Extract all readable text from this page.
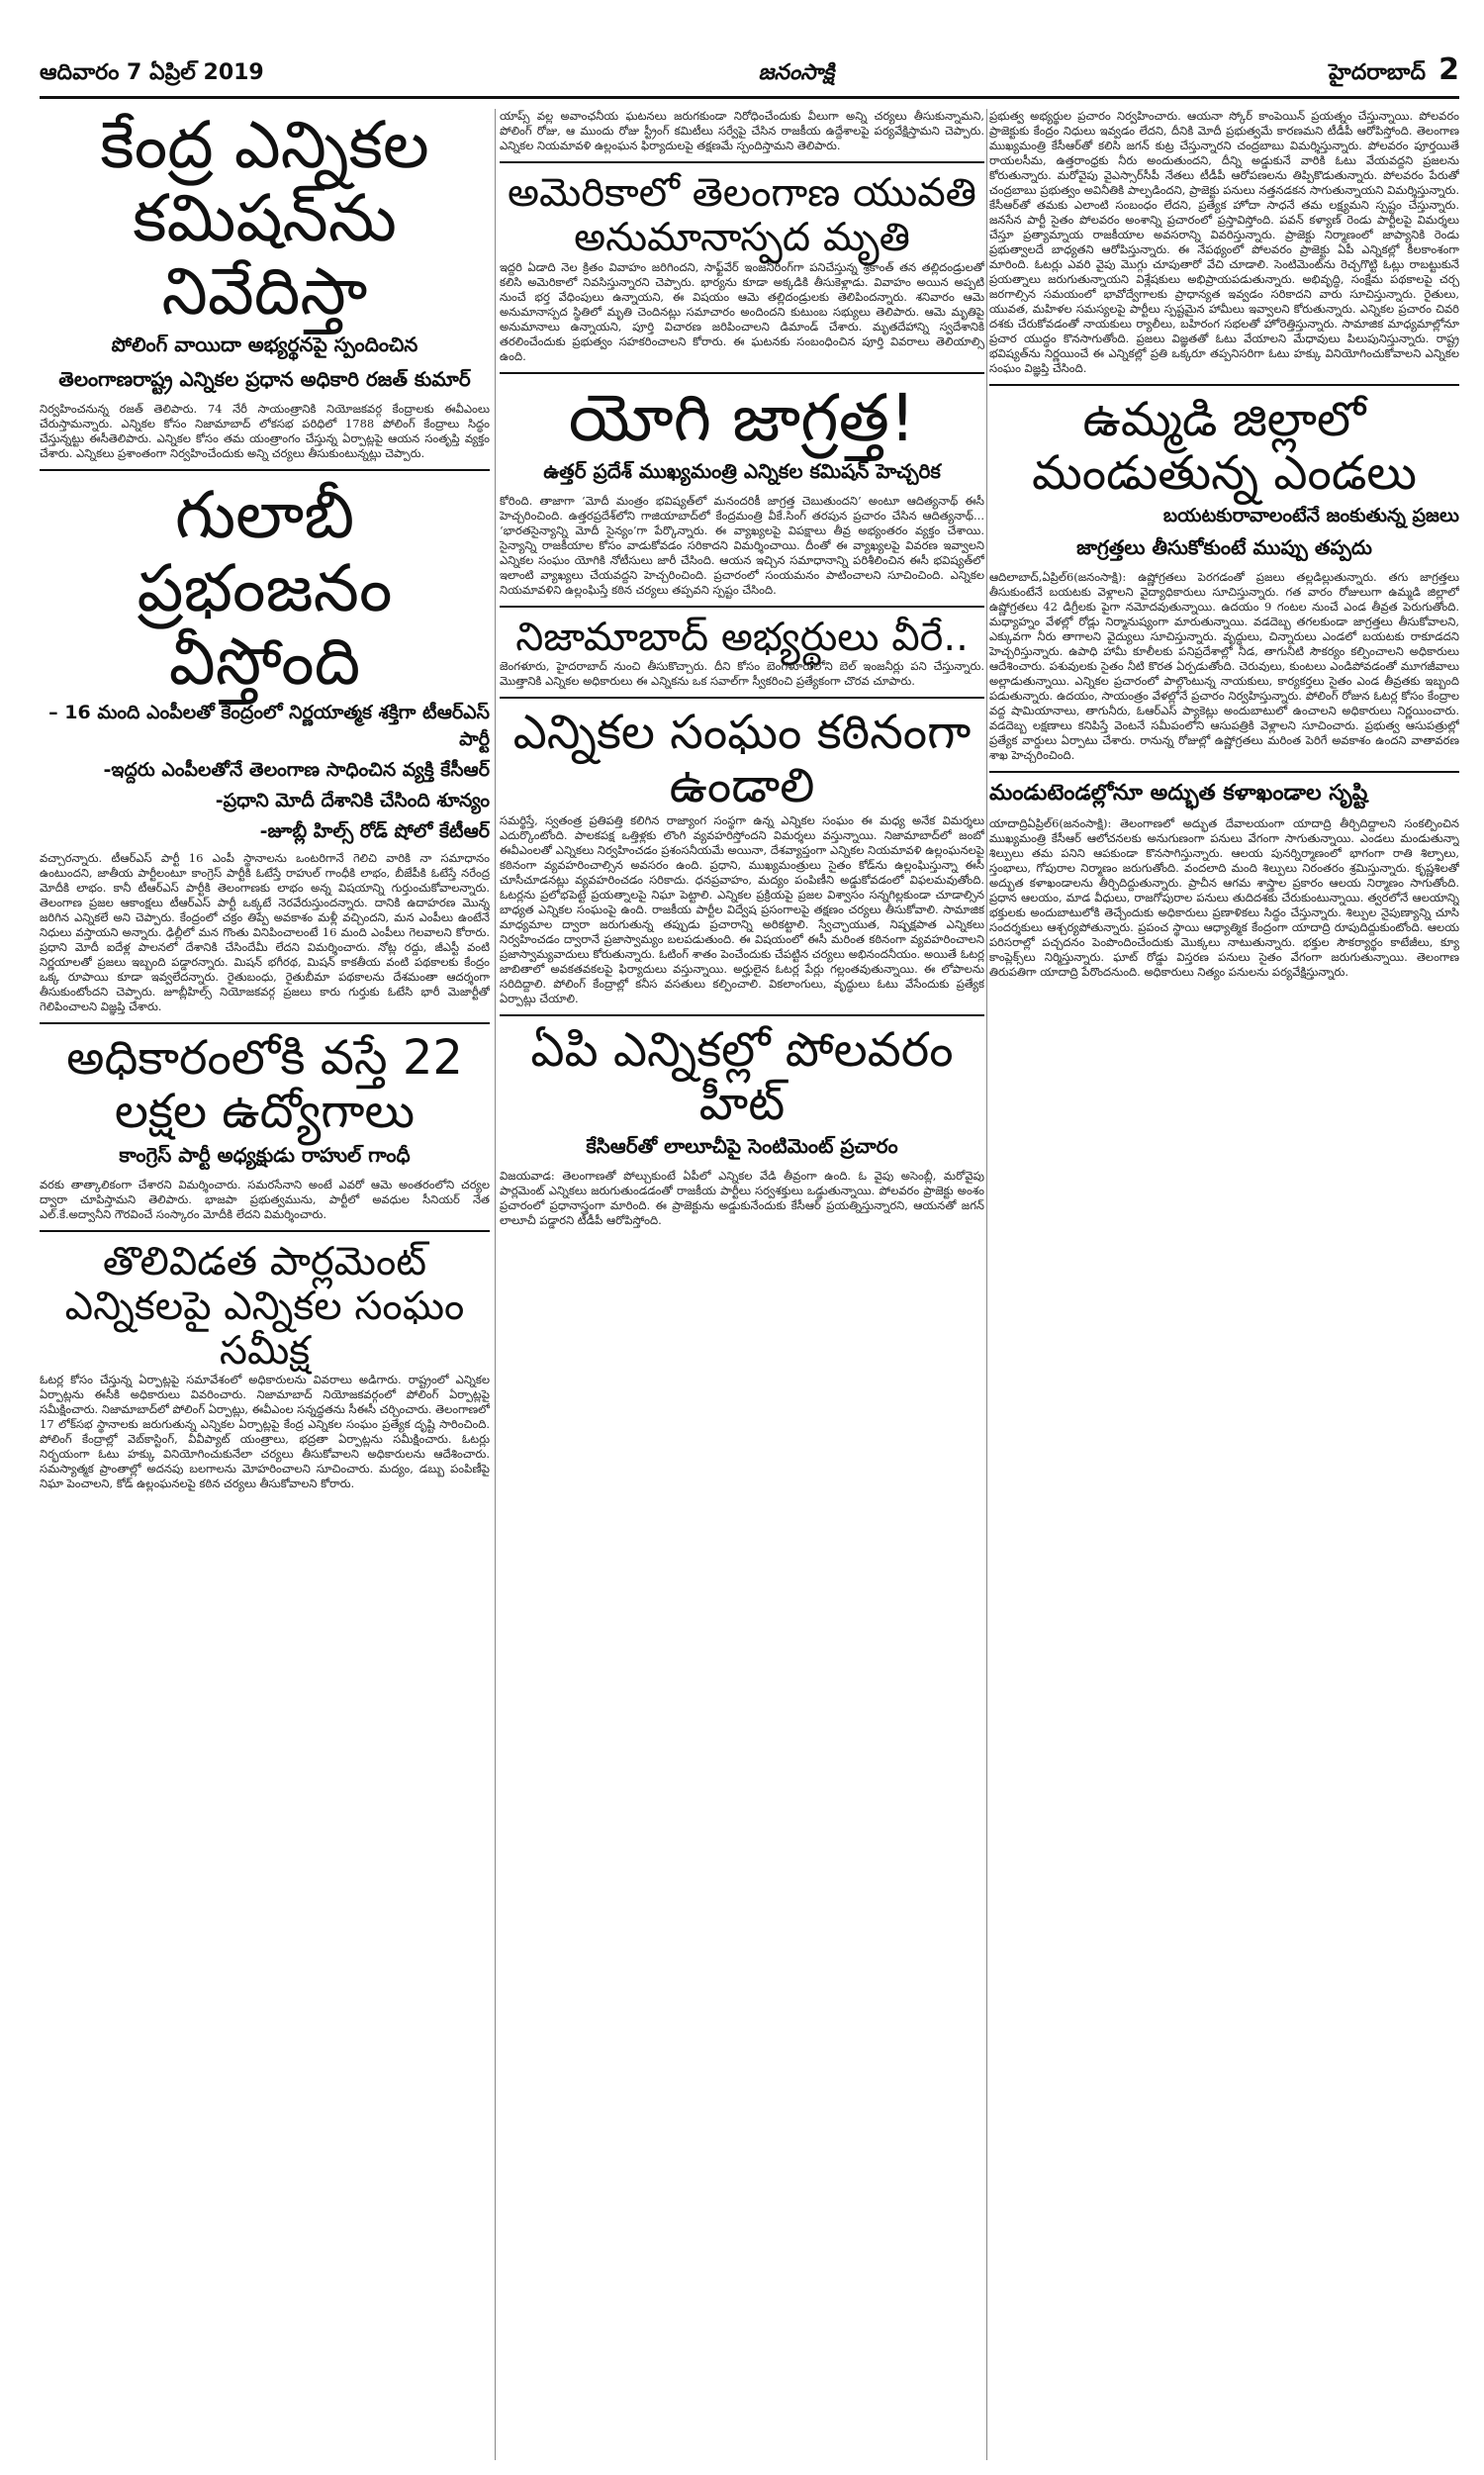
ఆదివారం 7 ఏప్రిల్ 2019	జనంసాక్షి	హైదరాబాద్ 2
కేంద్ర ఎన్నికల కమిషన్‌ను నివేదిస్తా
పోలింగ్‌ వాయిదా అభ్యర్థనపై స్పందించిన
తెలంగాణరాష్ట్ర ఎన్నికల ప్రధాన అధికారి రజత్‌ కుమార్‌

నిర్వహించనున్న రజత్‌ తెలిపారు. 74 నేరీ సాయంత్రానికి నియోజకవర్గ కేంద్రాలకు ఈవీఎంలు చేరుస్తామన్నారు. ఎన్నికల కోసం నిజామాబాద్‌ లోకసభ పరిధిలో 1788 పోలింగ్‌ కేంద్రాలు సిద్ధం చేస్తున్నట్టు ఈసీతెలిపారు. ఎన్నికల కోసం తమ యంత్రాంగం చేస్తున్న ఏర్పాట్లపై ఆయన సంతృప్తి వ్యక్తం చేశారు. ఎన్నికలు ప్రశాంతంగా నిర్వహించేందుకు అన్ని చర్యలు తీసుకుంటున్నట్లు చెప్పారు.

గులాబీ ప్రభంజనం వీస్తోంది
– 16 మంది ఎంపీలతో కేంద్రంలో నిర్ణయాత్మక శక్తిగా టీఆర్‌ఎస్‌ పార్టీ
-ఇద్దరు ఎంపీలతోనే తెలంగాణ సాధించిన వ్యక్తి కేసీఆర్‌
-ప్రధాని మోదీ దేశానికి చేసింది శూన్యం
-జూబ్లీ హిల్స్‌ రోడ్‌ షోలో కేటీఆర్‌

వచ్చారన్నారు. టీఆర్‌ఎస్‌ పార్టీ 16 ఎంపీ స్థానాలను ఒంటరిగానే గెలిచి వారికి నా సమాధానం ఉంటుందని, జాతీయ పార్టీలంటూ కాంగ్రెస్‌ పార్టీకి ఓటేస్తే రాహుల్‌ గాంధీకి లాభం, బీజేపీకి ఓటేస్తే నరేంద్ర మోదీకి లాభం. కానీ టీఆర్‌ఎస్‌ పార్టీకి తెలంగాణకు లాభం అన్న విషయాన్ని గుర్తుంచుకోవాలన్నారు. తెలంగాణ ప్రజల ఆకాంక్షలు టీఆర్‌ఎస్‌ పార్టీ ఒక్కటే నెరవేరుస్తుందన్నారు. దానికి ఉదాహరణ మొన్న జరిగిన ఎన్నికలే అని చెప్పారు. కేంద్రంలో చక్రం తిప్పే అవకాశం మళ్లీ వచ్చిందని, మన ఎంపీలు ఉంటేనే నిధులు వస్తాయని అన్నారు. ఢిల్లీలో మన గొంతు వినిపించాలంటే 16 మంది ఎంపీలు గెలవాలని కోరారు. ప్రధాని మోదీ ఐదేళ్ల పాలనలో దేశానికి చేసిందేమీ లేదని విమర్శించారు. నోట్ల రద్దు, జీఎస్టీ వంటి నిర్ణయాలతో ప్రజలు ఇబ్బంది పడ్డారన్నారు. మిషన్‌ భగీరథ, మిషన్‌ కాకతీయ వంటి పథకాలకు కేంద్రం ఒక్క రూపాయి కూడా ఇవ్వలేదన్నారు. రైతుబంధు, రైతుబీమా పథకాలను దేశమంతా ఆదర్శంగా తీసుకుంటోందని చెప్పారు. జూబ్లీహిల్స్‌ నియోజకవర్గ ప్రజలు కారు గుర్తుకు ఓటేసి భారీ మెజార్టీతో గెలిపించాలని విజ్ఞప్తి చేశారు.

అధికారంలోకి వస్తే 22 లక్షల ఉద్యోగాలు
కాంగ్రెస్‌ పార్టీ అధ్యక్షుడు రాహుల్‌ గాంధీ

వరకు తాత్కాలికంగా చేశారని విమర్శించారు. సమరసేనాని అంటే ఎవరో ఆమె అంతరంలోని చర్యల ద్వారా చూపిస్తామని తెలిపారు. భాజపా ప్రభుత్వమును, పార్టీలో అవధుల సీనియర్‌ నేత ఎల్‌.కే.అద్వానీని గౌరవించే సంస్కారం మోదీకి లేదని విమర్శించారు.

తొలివిడత పార్లమెంట్‌ ఎన్నికలపై ఎన్నికల సంఘం సమీక్ష

ఓటర్ల కోసం చేస్తున్న ఏర్పాట్లపై సమావేశంలో అధికారులను వివరాలు అడిగారు. రాష్ట్రంలో ఎన్నికల ఏర్పాట్లను ఈసీకి అధికారులు వివరించారు. నిజామాబాద్‌ నియోజకవర్గంలో పోలింగ్‌ ఏర్పాట్లపై సమీక్షించారు. నిజామాబాద్‌లో పోలింగ్‌ ఏర్పాట్లు, ఈవీఎంల సన్నద్ధతను సీఈసీ చర్చించారు. తెలంగాణలో 17 లోక్‌సభ స్థానాలకు జరుగుతున్న ఎన్నికల ఏర్పాట్లపై కేంద్ర ఎన్నికల సంఘం ప్రత్యేక దృష్టి సారించింది. పోలింగ్‌ కేంద్రాల్లో వెబ్‌కాస్టింగ్‌, వీవీప్యాట్‌ యంత్రాలు, భద్రతా ఏర్పాట్లను సమీక్షించారు. ఓటర్లు నిర్భయంగా ఓటు హక్కు వినియోగించుకునేలా చర్యలు తీసుకోవాలని అధికారులను ఆదేశించారు. సమస్యాత్మక ప్రాంతాల్లో అదనపు బలగాలను మోహరించాలని సూచించారు. మద్యం, డబ్బు పంపిణీపై నిఘా పెంచాలని, కోడ్‌ ఉల్లంఘనలపై కఠిన చర్యలు తీసుకోవాలని కోరారు.

యాప్స్‌ వల్ల అవాంఛనీయ ఘటనలు జరుగకుండా నిరోధించేందుకు వీలుగా అన్ని చర్యలు తీసుకున్నామని, పోలింగ్‌ రోజు, ఆ ముందు రోజు స్ట్రీంగ్‌ కమిటీలు సర్వేపై చేసిన రాజకీయ ఉద్దేశాలపై పర్యవేక్షిస్తామని చెప్పారు. ఎన్నికల నియమావళి ఉల్లంఘన ఫిర్యాదులపై తక్షణమే స్పందిస్తామని తెలిపారు.

అమెరికాలో తెలంగాణ యువతి అనుమానాస్పద మృతి

ఇద్దరి ఏడాది నెల క్రితం వివాహం జరిగిందని, సాఫ్ట్‌వేర్‌ ఇంజనీరింగ్‌గా పనిచేస్తున్న శ్రీకాంత్‌ తన తల్లిదండ్రులతో కలిసి అమెరికాలో నివసిస్తున్నారని చెప్పారు. భార్యను కూడా అక్కడికి తీసుకెళ్లాడు. వివాహం అయిన అప్పటి నుంచే భర్త వేధింపులు ఉన్నాయని, ఈ విషయం ఆమె తల్లిదండ్రులకు తెలిపిందన్నారు. శనివారం ఆమె అనుమానాస్పద స్థితిలో మృతి చెందినట్లు సమాచారం అందిందని కుటుంబ సభ్యులు తెలిపారు. ఆమె మృతిపై అనుమానాలు ఉన్నాయని, పూర్తి విచారణ జరిపించాలని డిమాండ్‌ చేశారు. మృతదేహాన్ని స్వదేశానికి తరలించేందుకు ప్రభుత్వం సహకరించాలని కోరారు. ఈ ఘటనకు సంబంధించిన పూర్తి వివరాలు తెలియాల్సి ఉంది.

యోగి జాగ్రత్త!
ఉత్తర్‌ ప్రదేశ్‌ ముఖ్యమంత్రి ఎన్నికల కమిషన్‌ హెచ్చరిక

కోరింది. తాజాగా ‘మోదీ మంత్రం భవిష్యత్‌లో మనందరికీ జాగ్రత్త చెబుతుందని’ అంటూ ఆదిత్యనాథ్‌ ఈసీ హెచ్చరించింది. ఉత్తరప్రదేశ్‌లోని గాజియాబాద్‌లో కేంద్రమంత్రి వీకే.సింగ్‌ తరపున ప్రచారం చేసిన ఆదిత్యనాథ్‌... ‘భారతసైన్యాన్ని మోదీ సైన్యం’గా పేర్కొన్నారు. ఈ వ్యాఖ్యలపై విపక్షాలు తీవ్ర అభ్యంతరం వ్యక్తం చేశాయి. సైన్యాన్ని రాజకీయాల కోసం వాడుకోవడం సరికాదని విమర్శించాయి. దీంతో ఈ వ్యాఖ్యలపై వివరణ ఇవ్వాలని ఎన్నికల సంఘం యోగికి నోటీసులు జారీ చేసింది. ఆయన ఇచ్చిన సమాధానాన్ని పరిశీలించిన ఈసీ భవిష్యత్‌లో ఇలాంటి వ్యాఖ్యలు చేయవద్దని హెచ్చరించింది. ప్రచారంలో సంయమనం పాటించాలని సూచించింది. ఎన్నికల నియమావళిని ఉల్లంఘిస్తే కఠిన చర్యలు తప్పవని స్పష్టం చేసింది.

నిజామాబాద్‌ అభ్యర్థులు వీరే..

జెంగళూరు, హైదరాబాద్‌ నుంచి తీసుకొచ్చారు. దీని కోసం బెంగళూరులోని బెల్‌ ఇంజనీర్లు పని చేస్తున్నారు. మొత్తానికి ఎన్నికల అధికారులు ఈ ఎన్నికను ఒక సవాల్‌గా స్వీకరించి ప్రత్యేకంగా చొరవ చూపారు.

ఎన్నికల సంఘం కఠినంగా ఉండాలి

సమర్థిస్తే, స్వతంత్ర ప్రతిపత్తి కలిగిన రాజ్యాంగ సంస్థగా ఉన్న ఎన్నికల సంఘం ఈ మధ్య అనేక విమర్శలు ఎదుర్కొంటోంది. పాలకపక్ష ఒత్తిళ్లకు లొంగి వ్యవహరిస్తోందని విమర్శలు వస్తున్నాయి. నిజామాబాద్‌లో జంబో ఈవీఎంలతో ఎన్నికలు నిర్వహించడం ప్రశంసనీయమే అయినా, దేశవ్యాప్తంగా ఎన్నికల నియమావళి ఉల్లంఘనలపై కఠినంగా వ్యవహరించాల్సిన అవసరం ఉంది. ప్రధాని, ముఖ్యమంత్రులు సైతం కోడ్‌ను ఉల్లంఘిస్తున్నా ఈసీ చూసీచూడనట్లు వ్యవహరించడం సరికాదు. ధనప్రవాహం, మద్యం పంపిణీని అడ్డుకోవడంలో విఫలమవుతోంది. ఓటర్లను ప్రలోభపెట్టే ప్రయత్నాలపై నిఘా పెట్టాలి. ఎన్నికల ప్రక్రియపై ప్రజల విశ్వాసం సన్నగిల్లకుండా చూడాల్సిన బాధ్యత ఎన్నికల సంఘంపై ఉంది. రాజకీయ పార్టీల విద్వేష ప్రసంగాలపై తక్షణం చర్యలు తీసుకోవాలి. సామాజిక మాధ్యమాల ద్వారా జరుగుతున్న తప్పుడు ప్రచారాన్ని అరికట్టాలి. స్వేచ్ఛాయుత, నిష్పక్షపాత ఎన్నికలు నిర్వహించడం ద్వారానే ప్రజాస్వామ్యం బలపడుతుంది. ఈ విషయంలో ఈసీ మరింత కఠినంగా వ్యవహరించాలని ప్రజాస్వామ్యవాదులు కోరుతున్నారు. ఓటింగ్‌ శాతం పెంచేందుకు చేపట్టిన చర్యలు అభినందనీయం. అయితే ఓటర్ల జాబితాలో అవకతవకలపై ఫిర్యాదులు వస్తున్నాయి. అర్హులైన ఓటర్ల పేర్లు గల్లంతవుతున్నాయి. ఈ లోపాలను సరిదిద్దాలి. పోలింగ్‌ కేంద్రాల్లో కనీస వసతులు కల్పించాలి. వికలాంగులు, వృద్ధులు ఓటు వేసేందుకు ప్రత్యేక ఏర్పాట్లు చేయాలి.

ఏపి ఎన్నికల్లో పోలవరం హీట్‌
కేసిఆర్‌తో లాలూచీపై సెంటిమెంట్‌ ప్రచారం

విజయవాడ: తెలంగాణతో పోల్చుకుంటే ఏపీలో ఎన్నికల వేడి తీవ్రంగా ఉంది. ఓ వైపు అసెంబ్లీ, మరోవైపు పార్లమెంట్‌ ఎన్నికలు జరుగుతుండడంతో రాజకీయ పార్టీలు సర్వశక్తులు ఒడ్డుతున్నాయి. పోలవరం ప్రాజెక్టు అంశం ప్రచారంలో ప్రధానాస్త్రంగా మారింది. ఈ ప్రాజెక్టును అడ్డుకునేందుకు కేసీఆర్‌ ప్రయత్నిస్తున్నారని, ఆయనతో జగన్‌ లాలూచీ పడ్డారని టీడీపీ ఆరోపిస్తోంది.

ప్రభుత్వ అభ్యర్థుల ప్రచారం నిర్వహించారు. ఆయనా స్కోర్‌ కాంపెయిన్‌ ప్రయత్నం చేస్తున్నాయి. పోలవరం ప్రాజెక్టుకు కేంద్రం నిధులు ఇవ్వడం లేదని, దీనికి మోదీ ప్రభుత్వమే కారణమని టీడీపీ ఆరోపిస్తోంది. తెలంగాణ ముఖ్యమంత్రి కేసీఆర్‌తో కలిసి జగన్‌ కుట్ర చేస్తున్నారని చంద్రబాబు విమర్శిస్తున్నారు. పోలవరం పూర్తయితే రాయలసీమ, ఉత్తరాంధ్రకు నీరు అందుతుందని, దీన్ని అడ్డుకునే వారికి ఓటు వేయవద్దని ప్రజలను కోరుతున్నారు. మరోవైపు వైఎస్సార్‌సీపీ నేతలు టీడీపీ ఆరోపణలను తిప్పికొడుతున్నారు. పోలవరం పేరుతో చంద్రబాబు ప్రభుత్వం అవినీతికి పాల్పడిందని, ప్రాజెక్టు పనులు నత్తనడకన సాగుతున్నాయని విమర్శిస్తున్నారు. కేసీఆర్‌తో తమకు ఎలాంటి సంబంధం లేదని, ప్రత్యేక హోదా సాధనే తమ లక్ష్యమని స్పష్టం చేస్తున్నారు. జనసేన పార్టీ సైతం పోలవరం అంశాన్ని ప్రచారంలో ప్రస్తావిస్తోంది. పవన్‌ కళ్యాణ్‌ రెండు పార్టీలపై విమర్శలు చేస్తూ ప్రత్యామ్నాయ రాజకీయాల అవసరాన్ని వివరిస్తున్నారు. ప్రాజెక్టు నిర్మాణంలో జాప్యానికి రెండు ప్రభుత్వాలదే బాధ్యతని ఆరోపిస్తున్నారు. ఈ నేపథ్యంలో పోలవరం ప్రాజెక్టు ఏపీ ఎన్నికల్లో కీలకాంశంగా మారింది. ఓటర్లు ఎవరి వైపు మొగ్గు చూపుతారో వేచి చూడాలి. సెంటిమెంట్‌ను రెచ్చగొట్టి ఓట్లు రాబట్టుకునే ప్రయత్నాలు జరుగుతున్నాయని విశ్లేషకులు అభిప్రాయపడుతున్నారు. అభివృద్ధి, సంక్షేమ పథకాలపై చర్చ జరగాల్సిన సమయంలో భావోద్వేగాలకు ప్రాధాన్యత ఇవ్వడం సరికాదని వారు సూచిస్తున్నారు. రైతులు, యువత, మహిళల సమస్యలపై పార్టీలు స్పష్టమైన హామీలు ఇవ్వాలని కోరుతున్నారు. ఎన్నికల ప్రచారం చివరి దశకు చేరుకోవడంతో నాయకులు ర్యాలీలు, బహిరంగ సభలతో హోరెత్తిస్తున్నారు. సామాజిక మాధ్యమాల్లోనూ ప్రచార యుద్ధం కొనసాగుతోంది. ప్రజలు విజ్ఞతతో ఓటు వేయాలని మేధావులు పిలుపునిస్తున్నారు. రాష్ట్ర భవిష్యత్‌ను నిర్ణయించే ఈ ఎన్నికల్లో ప్రతి ఒక్కరూ తప్పనిసరిగా ఓటు హక్కు వినియోగించుకోవాలని ఎన్నికల సంఘం విజ్ఞప్తి చేసింది.

ఉమ్మడి జిల్లాలో మండుతున్న ఎండలు
బయటకురావాలంటేనే జంకుతున్న ప్రజలు
జాగ్రత్తలు తీసుకోకుంటే ముప్పు తప్పదు

ఆదిలాబాద్‌,ఏప్రిల్‌6(జ‌నంసాక్షి): ఉష్ణోగ్రతలు పెరగడంతో ప్రజలు తల్లడిల్లుతున్నారు. తగు జాగ్రత్తలు తీసుకుంటేనే బయటకు వెళ్లాలని వైద్యాధికారులు సూచిస్తున్నారు. గత వారం రోజులుగా ఉమ్మడి జిల్లాలో ఉష్ణోగ్రతలు 42 డిగ్రీలకు పైగా నమోదవుతున్నాయి. ఉదయం 9 గంటల నుంచే ఎండ తీవ్రత పెరుగుతోంది. మధ్యాహ్నం వేళల్లో రోడ్లు నిర్మానుష్యంగా మారుతున్నాయి. వడదెబ్బ తగలకుండా జాగ్రత్తలు తీసుకోవాలని, ఎక్కువగా నీరు తాగాలని వైద్యులు సూచిస్తున్నారు. వృద్ధులు, చిన్నారులు ఎండలో బయటకు రాకూడదని హెచ్చరిస్తున్నారు. ఉపాధి హామీ కూలీలకు పనిప్రదేశాల్లో నీడ, తాగునీటి సౌకర్యం కల్పించాలని అధికారులు ఆదేశించారు. పశువులకు సైతం నీటి కొరత ఏర్పడుతోంది. చెరువులు, కుంటలు ఎండిపోవడంతో మూగజీవాలు అల్లాడుతున్నాయి. ఎన్నికల ప్రచారంలో పాల్గొంటున్న నాయకులు, కార్యకర్తలు సైతం ఎండ తీవ్రతకు ఇబ్బంది పడుతున్నారు. ఉదయం, సాయంత్రం వేళల్లోనే ప్రచారం నిర్వహిస్తున్నారు. పోలింగ్‌ రోజున ఓటర్ల కోసం కేంద్రాల వద్ద షామియానాలు, తాగునీరు, ఓఆర్‌ఎస్‌ ప్యాకెట్లు అందుబాటులో ఉంచాలని అధికారులు నిర్ణయించారు. వడదెబ్బ లక్షణాలు కనిపిస్తే వెంటనే సమీపంలోని ఆసుపత్రికి వెళ్లాలని సూచించారు. ప్రభుత్వ ఆసుపత్రుల్లో ప్రత్యేక వార్డులు ఏర్పాటు చేశారు. రానున్న రోజుల్లో ఉష్ణోగ్రతలు మరింత పెరిగే అవకాశం ఉందని వాతావరణ శాఖ హెచ్చరించింది.

మండుటెండల్లోనూ అద్భుత కళాఖండాల సృష్టి

యాదాద్రిఏప్రిల్‌6(జ‌నంసాక్షి): తెలంగాణలో అద్భుత దేవాలయంగా యాదాద్రి తీర్చిదిద్దాలని సంకల్పించిన ముఖ్యమంత్రి కేసీఆర్‌ ఆలోచనలకు అనుగుణంగా పనులు వేగంగా సాగుతున్నాయి. ఎండలు మండుతున్నా శిల్పులు తమ పనిని ఆపకుండా కొనసాగిస్తున్నారు. ఆలయ పునర్నిర్మాణంలో భాగంగా రాతి శిల్పాలు, స్తంభాలు, గోపురాల నిర్మాణం జరుగుతోంది. వందలాది మంది శిల్పులు నిరంతరం శ్రమిస్తున్నారు. కృష్ణశిలతో అద్భుత కళాఖండాలను తీర్చిదిద్దుతున్నారు. ప్రాచీన ఆగమ శాస్త్రాల ప్రకారం ఆలయ నిర్మాణం సాగుతోంది. ప్రధాన ఆలయం, మాడ వీధులు, రాజగోపురాల పనులు తుదిదశకు చేరుకుంటున్నాయి. త్వరలోనే ఆలయాన్ని భక్తులకు అందుబాటులోకి తెచ్చేందుకు అధికారులు ప్రణాళికలు సిద్ధం చేస్తున్నారు. శిల్పుల నైపుణ్యాన్ని చూసి సందర్శకులు ఆశ్చర్యపోతున్నారు. ప్రపంచ స్థాయి ఆధ్యాత్మిక కేంద్రంగా యాదాద్రి రూపుదిద్దుకుంటోంది. ఆలయ పరిసరాల్లో పచ్చదనం పెంపొందించేందుకు మొక్కలు నాటుతున్నారు. భక్తుల సౌకర్యార్థం కాటేజీలు, క్యూ కాంప్లెక్స్‌లు నిర్మిస్తున్నారు. ఘాట్‌ రోడ్డు విస్తరణ పనులు సైతం వేగంగా జరుగుతున్నాయి. తెలంగాణ తిరుపతిగా యాదాద్రి పేరొందనుంది. అధికారులు నిత్యం పనులను పర్యవేక్షిస్తున్నారు.
